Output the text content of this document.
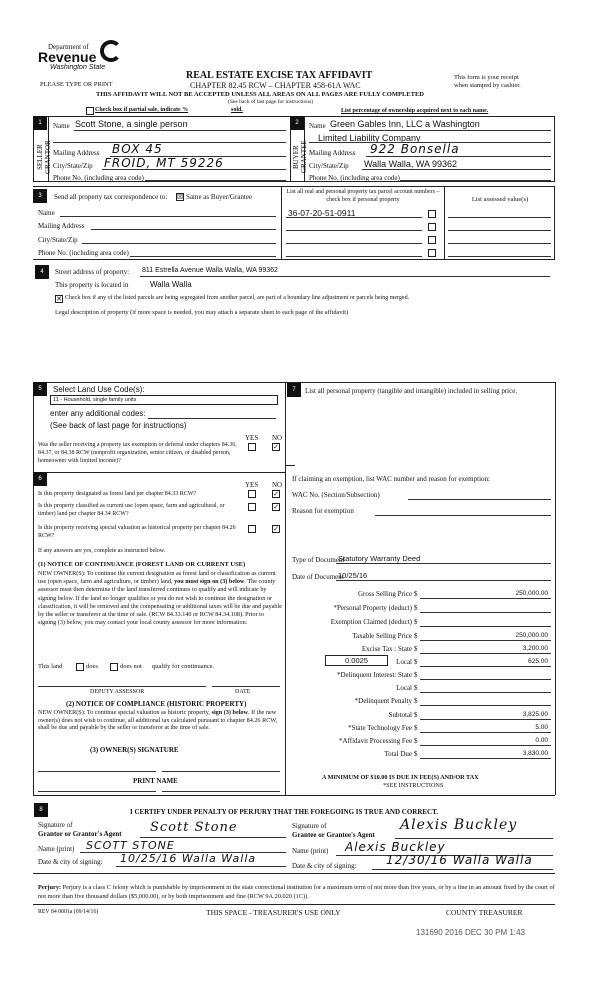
Department of
Revenue
Washington State
REAL ESTATE EXCISE TAX AFFIDAVIT
CHAPTER 82.45 RCW – CHAPTER 458-61A WAC
THIS AFFIDAVIT WILL NOT BE ACCEPTED UNLESS ALL AREAS ON ALL PAGES ARE FULLY COMPLETED
PLEASE TYPE OR PRINT
This form is your receipt
when stamped by cashier.
(See back of last page for instructions)
Check box if partial sale, indicate %	sold.	List percentage of ownership acquired next to each name.
1
SELLER GRANTOR
Name Scott Stone, a single person
Mailing Address BOX 45
City/State/Zip FROID, MT 59226
Phone No. (including area code)
2
BUYER GRANTEE
Name Green Gables Inn, LLC a Washington
Limited Liability Company
Mailing Address 922 Bonsella
City/State/Zip Walla Walla, WA 99362
Phone No. (including area code)
3	Send all property tax correspondence to: ☒ Same as Buyer/Grantee
Name
Mailing Address
City/State/Zip
Phone No. (including area code)
List all real and personal property tax parcel account numbers – check box if personal property	List assessed value(s)
36-07-20-51-0911
4	Street address of property: 811 Estrella Avenue Walla Walla, WA 99362
This property is located in	Walla Walla
✕ Check box if any of the listed parcels are being segregated from another parcel, are part of a boundary line adjustment or parcels being merged.
Legal description of property (if more space is needed, you may attach a separate sheet to each page of the affidavit)
5	Select Land Use Code(s):
11 - Household, single family units
enter any additional codes:
(See back of last page for instructions)
YES NO
Was the seller receiving a property tax exemption or deferral under chapters 84.36, 84.37, or 84.38 RCW (nonprofit organization, senior citizen, or disabled person, homeowner with limited income)?
✓
6
YES NO
Is this property designated as forest land per chapter 84.33 RCW?	✓
Is this property classified as current use (open space, farm and agricultural, or timber) land per chapter 84.34 RCW?
✓
Is this property receiving special valuation as historical property per chapter 84.26 RCW?
✓
If any answers are yes, complete as instructed below.
(1) NOTICE OF CONTINUANCE (FOREST LAND OR CURRENT USE)
NEW OWNER(S): To continue the current designation as forest land or classification as current use (open space, farm and agriculture, or timber) land, you must sign on (3) below. The county assessor must then determine if the land transferred continues to qualify and will indicate by signing below. If the land no longer qualifies or you do not wish to continue the designation or classification, it will be removed and the compensating or additional taxes will be due and payable by the seller or transferor at the time of sale. (RCW 84.33.140 or RCW 84.34.108). Prior to signing (3) below, you may contact your local county assessor for more information.
This land	does	does not qualify for continuance.
DEPUTY ASSESSOR	DATE
(2) NOTICE OF COMPLIANCE (HISTORIC PROPERTY)
NEW OWNER(S): To continue special valuation as historic property, sign (3) below. If the new owner(s) does not wish to continue, all additional tax calculated pursuant to chapter 84.26 RCW, shall be due and payable by the seller or transferor at the time of sale.
(3) OWNER(S) SIGNATURE
PRINT NAME
7	List all personal property (tangible and intangible) included in selling price.
If claiming an exemption, list WAC number and reason for exemption:
WAC No. (Section/Subsection)
Reason for exemption
Type of Document
Statutory Warranty Deed
Date of Document
10/25/16
Gross Selling Price $	250,000.00
*Personal Property (deduct) $
Exemption Claimed (deduct) $
Taxable Selling Price $	250,000.00
Excise Tax : State $	3,200.00
0.0025	Local $	625.00
*Delinquent Interest: State $
Local $
*Delinquent Penalty $
Subtotal $	3,825.00
*State Technology Fee $	5.00
*Affidavit Processing Fee $	0.00
Total Due $	3,830.00
A MINIMUM OF $10.00 IS DUE IN FEE(S) AND/OR TAX
*SEE INSTRUCTIONS
8	I CERTIFY UNDER PENALTY OF PERJURY THAT THE FOREGOING IS TRUE AND CORRECT.
Signature of
Grantor or Grantor's Agent Scott Stone
Name (print) SCOTT STONE
Date & city of signing: 10/25/16 Walla Walla
Signature of
Grantee or Grantee's Agent
Alexis Buckley
Name (print) Alexis Buckley
Date & city of signing: 12/30/16 Walla Walla
Perjury: Perjury is a class C felony which is punishable by imprisonment in the state correctional institution for a maximum term of not more than five years, or by a fine in an amount fixed by the court of not more than five thousand dollars ($5,000.00), or by both imprisonment and fine (RCW 9A.20.020 (1C)).
REV 84 0001a (09/14/16)	THIS SPACE - TREASURER'S USE ONLY	COUNTY TREASURER
131690 2016 DEC 30 PM 1:43
